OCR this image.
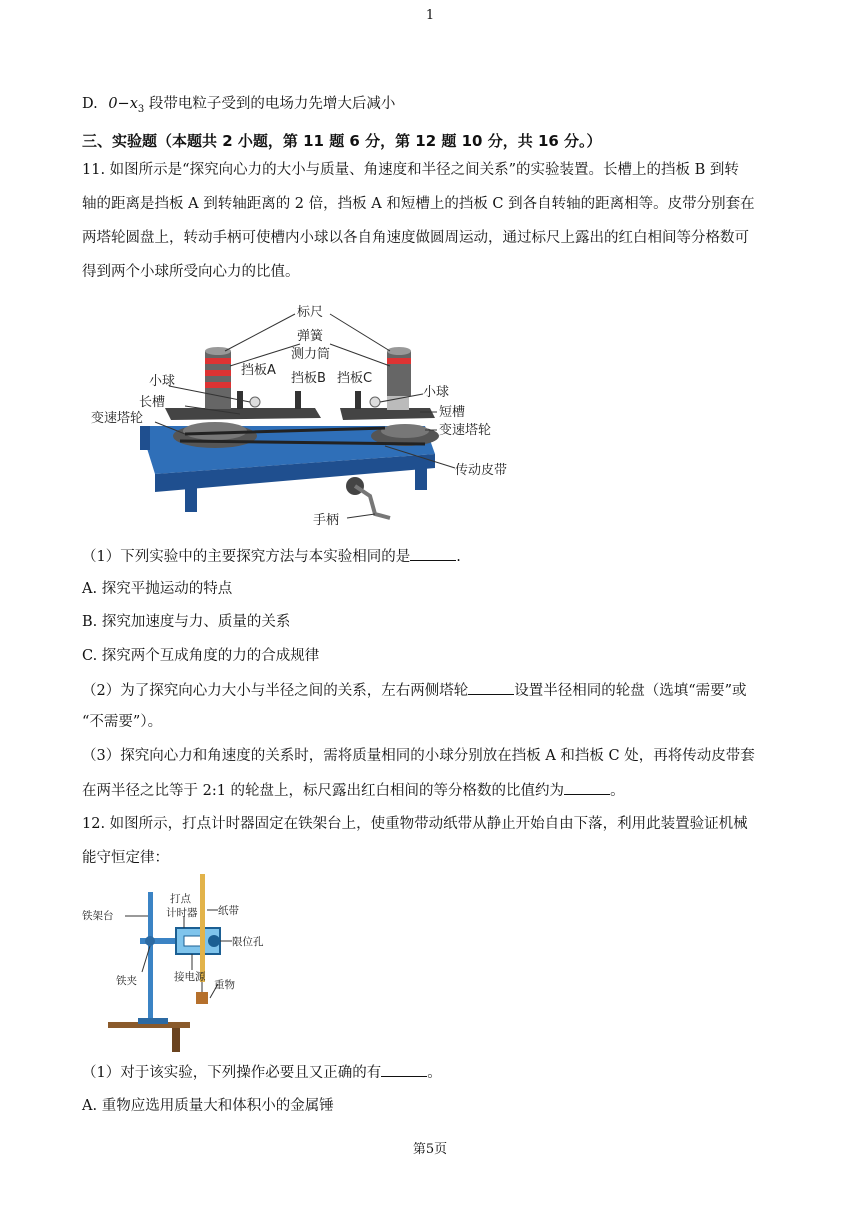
1
D. $0-x_3$ 段带电粒子受到的电场力先增大后减小
三、实验题（本题共 2 小题，第 11 题 6 分，第 12 题 10 分，共 16 分。）
11. 如图所示是“探究向心力的大小与质量、角速度和半径之间关系”的实验装置。长槽上的挡板 B 到转
轴的距离是挡板 A 到转轴距离的 2 倍，挡板 A 和短槽上的挡板 C 到各自转轴的距离相等。皮带分别套在
两塔轮圆盘上，转动手柄可使槽内小球以各自角速度做圆周运动，通过标尺上露出的红白相间等分格数可
得到两个小球所受向心力的比值。
标尺
弹簧
测力筒
挡板A
挡板B 挡板C
小球
小球
长槽
短槽
变速塔轮
变速塔轮
传动皮带
手柄
（1）下列实验中的主要探究方法与本实验相同的是	.
A. 探究平抛运动的特点
B. 探究加速度与力、质量的关系
C. 探究两个互成角度的力的合成规律
（2）为了探究向心力大小与半径之间的关系，左右两侧塔轮	设置半径相同的轮盘（选填“需要”或
“不需要”）。
（3）探究向心力和角速度的关系时，需将质量相同的小球分别放在挡板 A 和挡板 C 处，再将传动皮带套
在两半径之比等于 2:1 的轮盘上，标尺露出红白相间的等分格数的比值约为	。
12. 如图所示，打点计时器固定在铁架台上，使重物带动纸带从静止开始自由下落，利用此装置验证机械
能守恒定律：
铁架台
打点
计时器 纸带
限位孔
铁夹	接电源
重物
（1）对于该实验，下列操作必要且又正确的有	。
A. 重物应选用质量大和体积小的金属锤
第5页
